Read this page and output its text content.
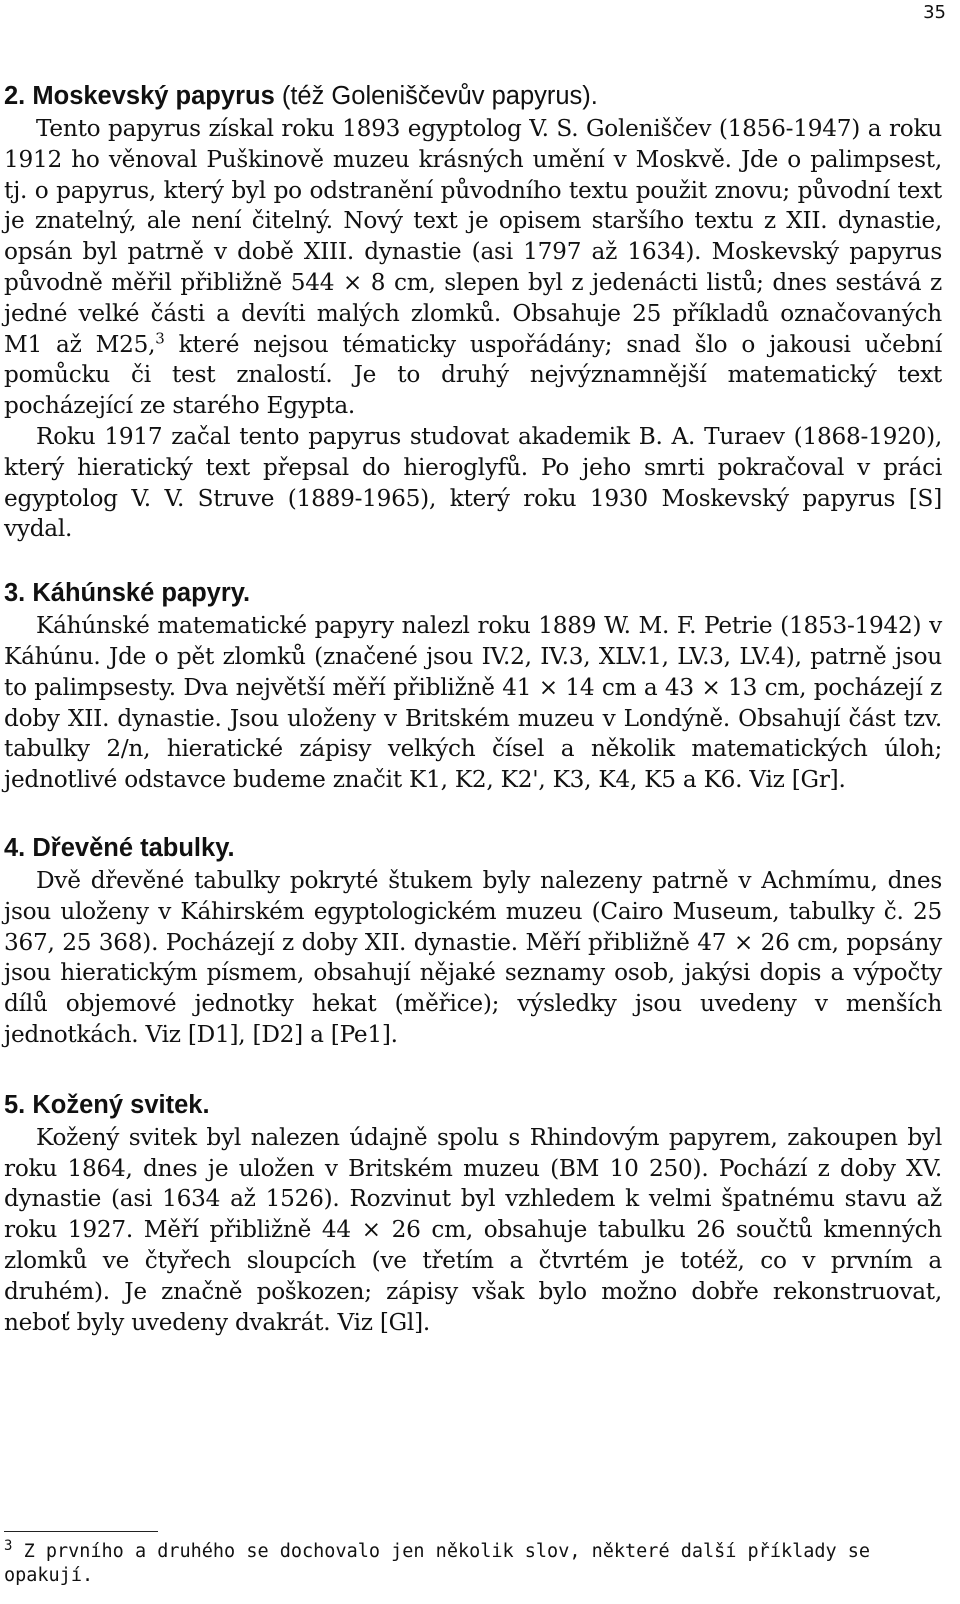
35
2. Moskevský papyrus (též Goleniščevův papyrus).

Tento papyrus získal roku 1893 egyptolog V. S. Goleniščev (1856-1947) a roku 1912 ho věnoval Puškinově muzeu krásných umění v Moskvě. Jde o palimpsest, tj. o papyrus, který byl po odstranění původního textu použit znovu; původní text je znatelný, ale není čitelný. Nový text je opisem staršího textu z XII. dynastie, opsán byl patrně v době XIII. dynastie (asi 1797 až 1634). Moskevský papyrus původně měřil přibližně 544 × 8 cm, slepen byl z jedenácti listů; dnes sestává z jedné velké části a devíti malých zlomků. Obsahuje 25 příkladů označovaných M1 až M25,$^3$ které nejsou tématicky uspořádány; snad šlo o jakousi učební pomůcku či test znalostí. Je to druhý nejvýznamnější matematický text pocházející ze starého Egypta.

Roku 1917 začal tento papyrus studovat akademik B. A. Turaev (1868-1920), který hieratický text přepsal do hieroglyfů. Po jeho smrti pokračoval v práci egyptolog V. V. Struve (1889-1965), který roku 1930 Moskevský papyrus [S] vydal.

3. Káhúnské papyry.

Káhúnské matematické papyry nalezl roku 1889 W. M. F. Petrie (1853-1942) v Káhúnu. Jde o pět zlomků (značené jsou IV.2, IV.3, XLV.1, LV.3, LV.4), patrně jsou to palimpsesty. Dva největší měří přibližně 41 × 14 cm a 43 × 13 cm, pocházejí z doby XII. dynastie. Jsou uloženy v Britském muzeu v Londýně. Obsahují část tzv. tabulky 2/n, hieratické zápisy velkých čísel a několik matematických úloh; jednotlivé odstavce budeme značit K1, K2, K2', K3, K4, K5 a K6. Viz [Gr].

4. Dřevěné tabulky.

Dvě dřevěné tabulky pokryté štukem byly nalezeny patrně v Achmímu, dnes jsou uloženy v Káhirském egyptologickém muzeu (Cairo Museum, tabulky č. 25 367, 25 368). Pocházejí z doby XII. dynastie. Měří přibližně 47 × 26 cm, popsány jsou hieratickým písmem, obsahují nějaké seznamy osob, jakýsi dopis a výpočty dílů objemové jednotky hekat (měřice); výsledky jsou uvedeny v menších jednotkách. Viz [D1], [D2] a [Pe1].

5. Kožený svitek.

Kožený svitek byl nalezen údajně spolu s Rhindovým papyrem, zakoupen byl roku 1864, dnes je uložen v Britském muzeu (BM 10 250). Pochází z doby XV. dynastie (asi 1634 až 1526). Rozvinut byl vzhledem k velmi špatnému stavu až roku 1927. Měří přibližně 44 × 26 cm, obsahuje tabulku 26 součtů kmenných zlomků ve čtyřech sloupcích (ve třetím a čtvrtém je totéž, co v prvním a druhém). Je značně poškozen; zápisy však bylo možno dobře rekonstruovat, neboť byly uvedeny dvakrát. Viz [Gl].

$^3$ Z prvního a druhého se dochovalo jen několik slov, některé další příklady se opakují.
